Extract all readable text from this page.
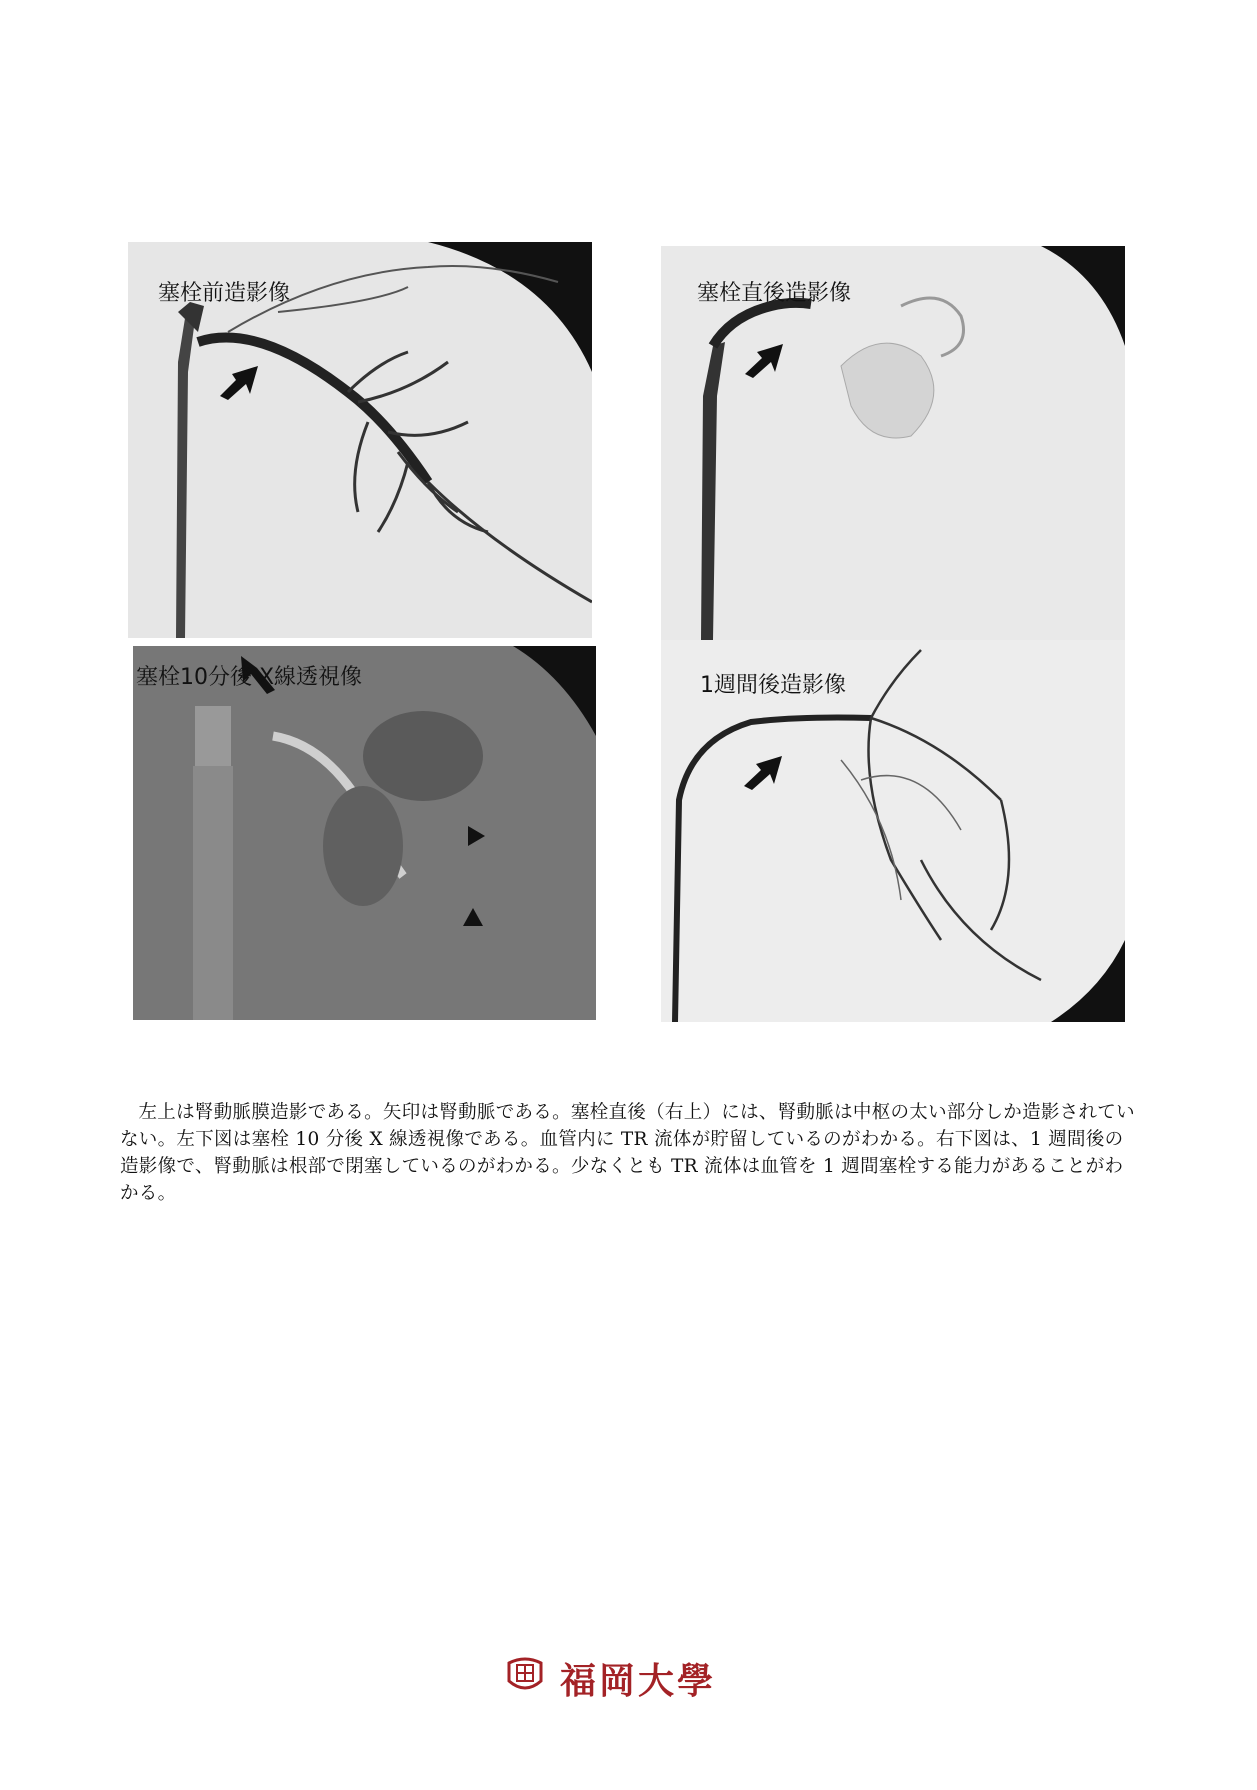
塞栓前造影像	塞栓直後造影像
塞栓10分後 X線透視像	1週間後造影像

左上は腎動脈膜造影である。矢印は腎動脈である。塞栓直後（右上）には、腎動脈は中枢の太い部分しか造影されていない。左下図は塞栓 10 分後 X 線透視像である。血管内に TR 流体が貯留しているのがわかる。右下図は、1 週間後の造影像で、腎動脈は根部で閉塞しているのがわかる。少なくとも TR 流体は血管を 1 週間塞栓する能力があることがわかる。

福岡大學
